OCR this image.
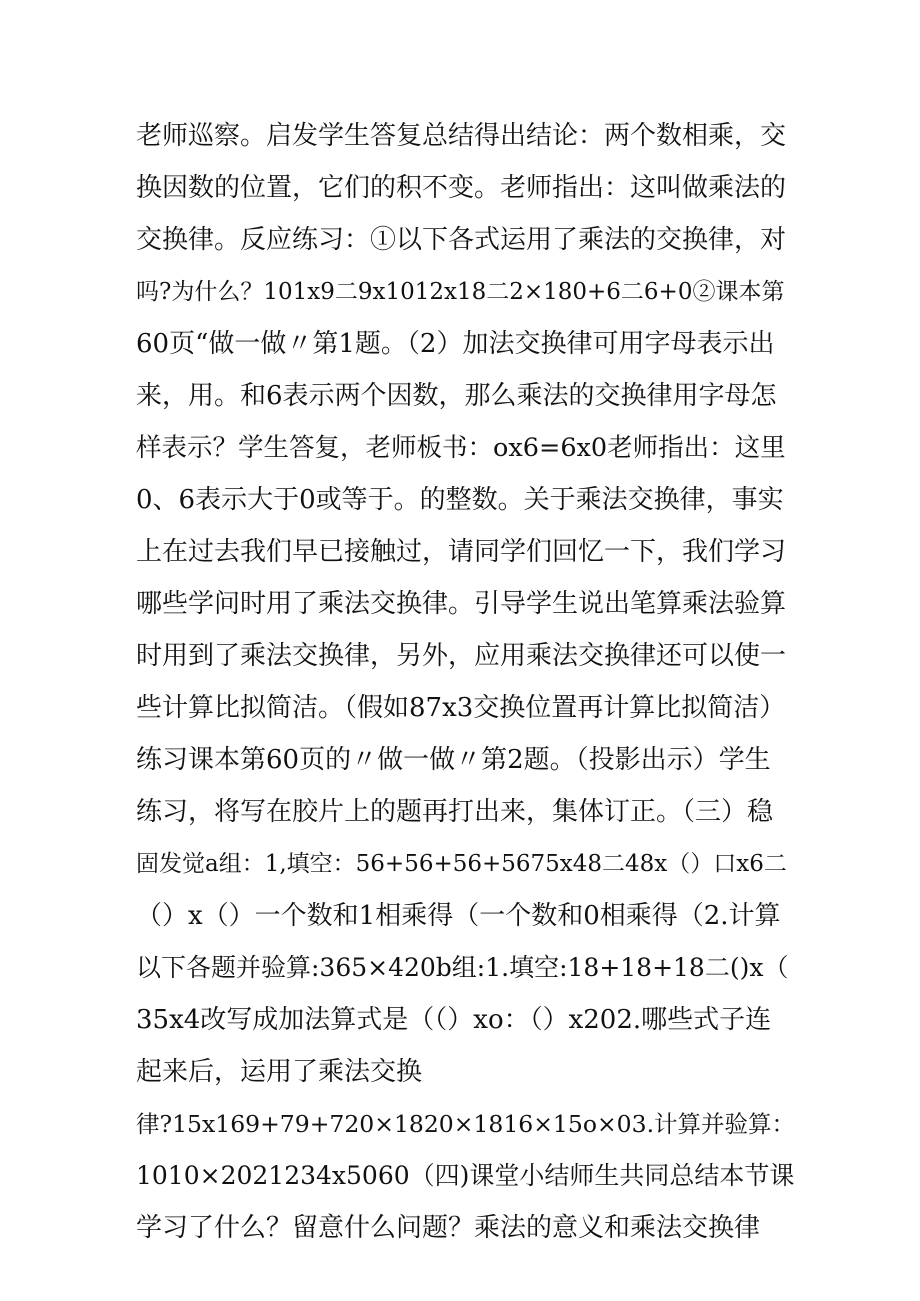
老师巡察。启发学生答复总结得出结论：两个数相乘，交
换因数的位置，它们的积不变。老师指出：这叫做乘法的
交换律。反应练习：①以下各式运用了乘法的交换律，对
吗?为什么？101x9二9x1012x18二2×180+6二6+0②课本第
60页“做一做〃第1题。（2）加法交换律可用字母表示出
来，用。和6表示两个因数，那么乘法的交换律用字母怎
样表示？学生答复，老师板书：ox6=6x0老师指出：这里
0、6表示大于0或等于。的整数。关于乘法交换律，事实
上在过去我们早已接触过，请同学们回忆一下，我们学习
哪些学问时用了乘法交换律。引导学生说出笔算乘法验算
时用到了乘法交换律，另外，应用乘法交换律还可以使一
些计算比拟简洁。（假如87x3交换位置再计算比拟简洁）
练习课本第60页的〃做一做〃第2题。（投影出示）学生
练习，将写在胶片上的题再打出来，集体订正。（三）稳
固发觉a组：1,填空：56+56+56+5675x48二48x（）口x6二
（）x（）一个数和1相乘得（一个数和0相乘得（2.计算
以下各题并验算:365×420b组:1.填空:18+18+18二()x（
35x4改写成加法算式是（（）xo：（）x202.哪些式子连
起来后，运用了乘法交换
律?15x169+79+720×1820×1816×15o×03.计算并验算：
1010×2021234x5060（四)课堂小结师生共同总结本节课
学习了什么？留意什么问题？乘法的意义和乘法交换律
